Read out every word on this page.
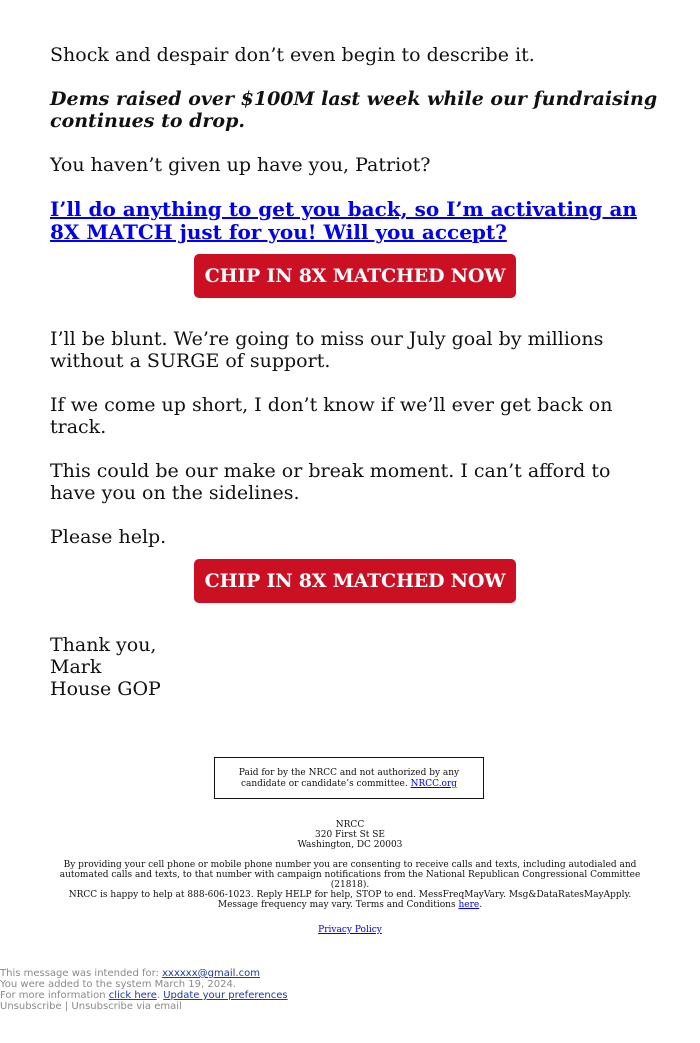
Shock and despair don’t even begin to describe it.

Dems raised over $100M last week while our fundraising continues to drop.

You haven’t given up have you, Patriot?

I’ll do anything to get you back, so I’m activating an 8X MATCH just for you! Will you accept?

CHIP IN 8X MATCHED NOW

I’ll be blunt. We’re going to miss our July goal by millions without a SURGE of support.

If we come up short, I don’t know if we’ll ever get back on track.

This could be our make or break moment. I can’t afford to have you on the sidelines.

Please help.

CHIP IN 8X MATCHED NOW

Thank you,

Mark

House GOP

Paid for by the NRCC and not authorized by any candidate or candidate’s committee. NRCC.org
NRCC
320 First St SE
Washington, DC 20003
By providing your cell phone or mobile phone number you are consenting to receive calls and texts, including autodialed and automated calls and texts, to that number with campaign notifications from the National Republican Congressional Committee (21818).
NRCC is happy to help at 888-606-1023. Reply HELP for help, STOP to end. MessFreqMayVary. Msg&DataRatesMayApply. Message frequency may vary. Terms and Conditions here.
Privacy Policy
This message was intended for: xxxxxx@gmail.com
You were added to the system March 19, 2024.
For more information click here. Update your preferences
Unsubscribe | Unsubscribe via email
